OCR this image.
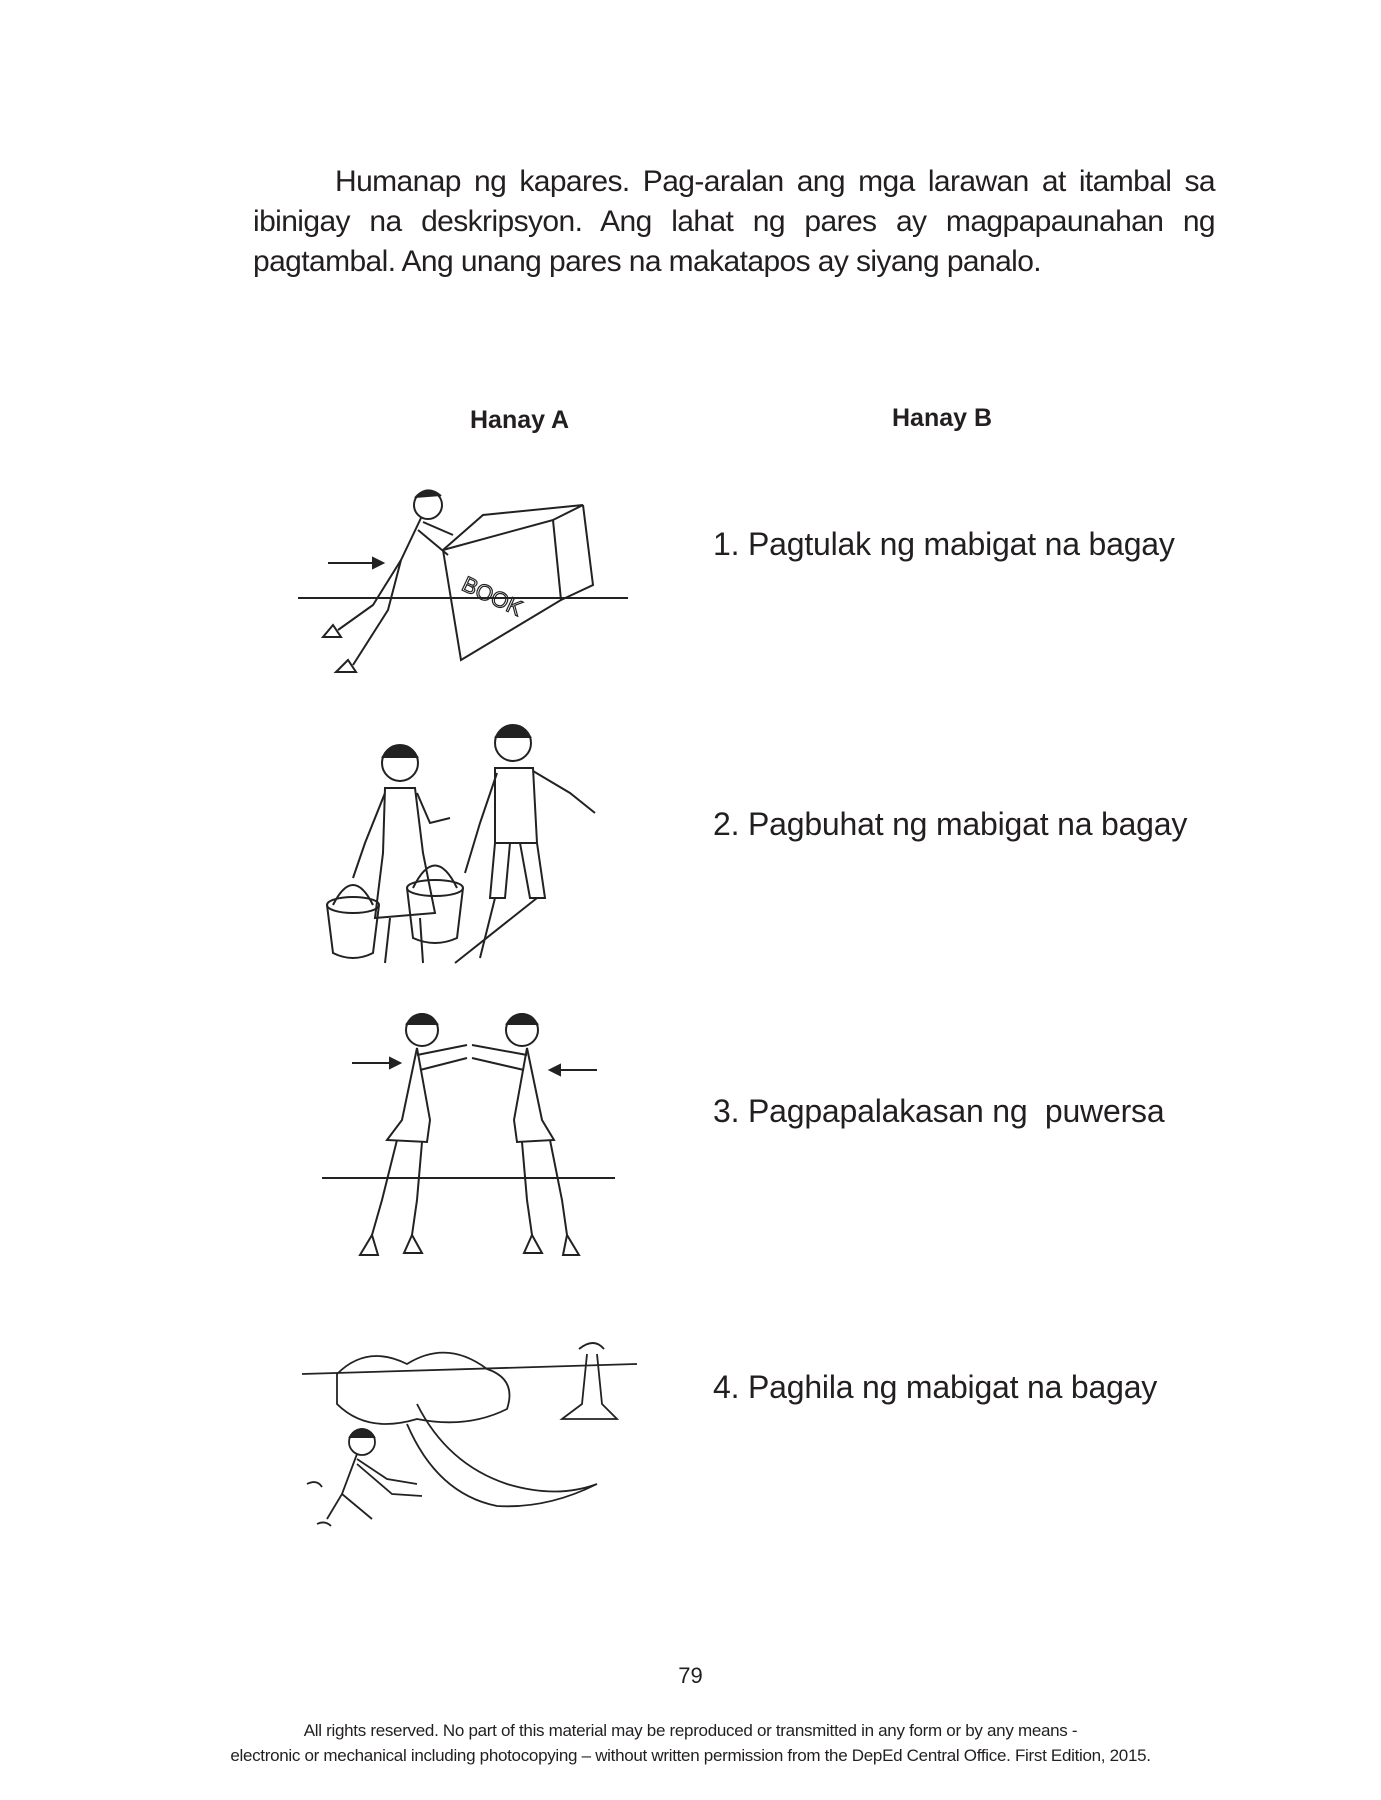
Humanap ng kapares. Pag-aralan ang mga larawan at itambal sa ibinigay na deskripsyon. Ang lahat ng pares ay magpapaunahan ng pagtambal. Ang unang pares na makatapos ay siyang panalo.

Hanay A	Hanay B
BOOK
1. Pagtulak ng mabigat na bagay
2. Pagbuhat ng mabigat na bagay
3. Pagpapalakasan ng  puwersa
4. Paghila ng mabigat na bagay
79
All rights reserved. No part of this material may be reproduced or transmitted in any form or by any means -
electronic or mechanical including photocopying – without written permission from the DepEd Central Office. First Edition, 2015.
